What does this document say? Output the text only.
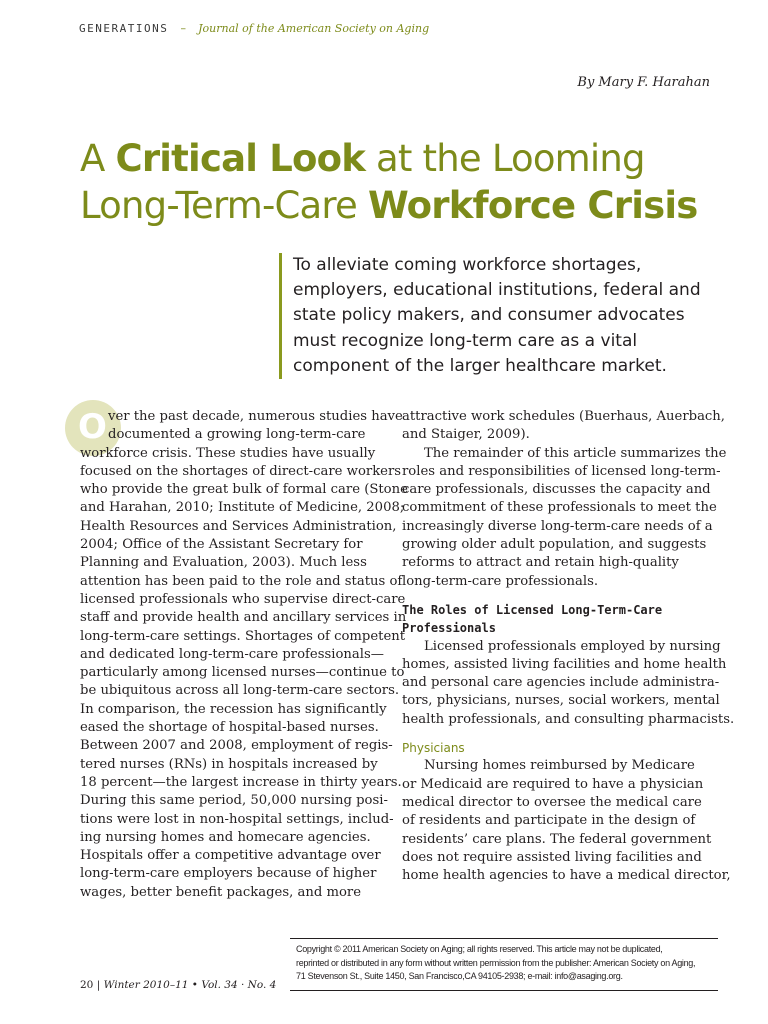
GENERATIONS – Journal of the American Society on Aging
By Mary F. Harahan
A Critical Look at the Looming
Long-Term-Care Workforce Crisis
To alleviate coming workforce shortages,
employers, educational institutions, federal and
state policy makers, and consumer advocates
must recognize long-term care as a vital
component of the larger healthcare market.
O ver the past decade, numerous studies have
documented a growing long-term-care
workforce crisis. These studies have usually
focused on the shortages of direct-care workers
who provide the great bulk of formal care (Stone
and Harahan, 2010; Institute of Medicine, 2008;
Health Resources and Services Administration,
2004; Office of the Assistant Secretary for
Planning and Evaluation, 2003). Much less
attention has been paid to the role and status of
licensed professionals who supervise direct-care
staff and provide health and ancillary services in
long-term-care settings. Shortages of competent
and dedicated long-term-care professionals—
particularly among licensed nurses—continue to
be ubiquitous across all long-term-care sectors.
In comparison, the recession has significantly
eased the shortage of hospital-based nurses.
Between 2007 and 2008, employment of regis-
tered nurses (RNs) in hospitals increased by
18 percent—the largest increase in thirty years.
During this same period, 50,000 nursing posi-
tions were lost in non-hospital settings, includ-
ing nursing homes and homecare agencies.
Hospitals offer a competitive advantage over
long-term-care employers because of higher
wages, better benefit packages, and more
attractive work schedules (Buerhaus, Auerbach,
and Staiger, 2009).
The remainder of this article summarizes the
roles and responsibilities of licensed long-term-
care professionals, discusses the capacity and
commitment of these professionals to meet the
increasingly diverse long-term-care needs of a
growing older adult population, and suggests
reforms to attract and retain high-quality
long-term-care professionals.
The Roles of Licensed Long-Term-Care
Professionals
Licensed professionals employed by nursing
homes, assisted living facilities and home health
and personal care agencies include administra-
tors, physicians, nurses, social workers, mental
health professionals, and consulting pharmacists.
Physicians
Nursing homes reimbursed by Medicare
or Medicaid are required to have a physician
medical director to oversee the medical care
of residents and participate in the design of
residents’ care plans. The federal government
does not require assisted living facilities and
home health agencies to have a medical director,
Copyright © 2011 American Society on Aging; all rights reserved. This article may not be duplicated,
reprinted or distributed in any form without written permission from the publisher: American Society on Aging,
71 Stevenson St., Suite 1450, San Francisco,CA 94105-2938; e-mail: info@asaging.org.
20 | Winter 2010–11 • Vol. 34 · No. 4
